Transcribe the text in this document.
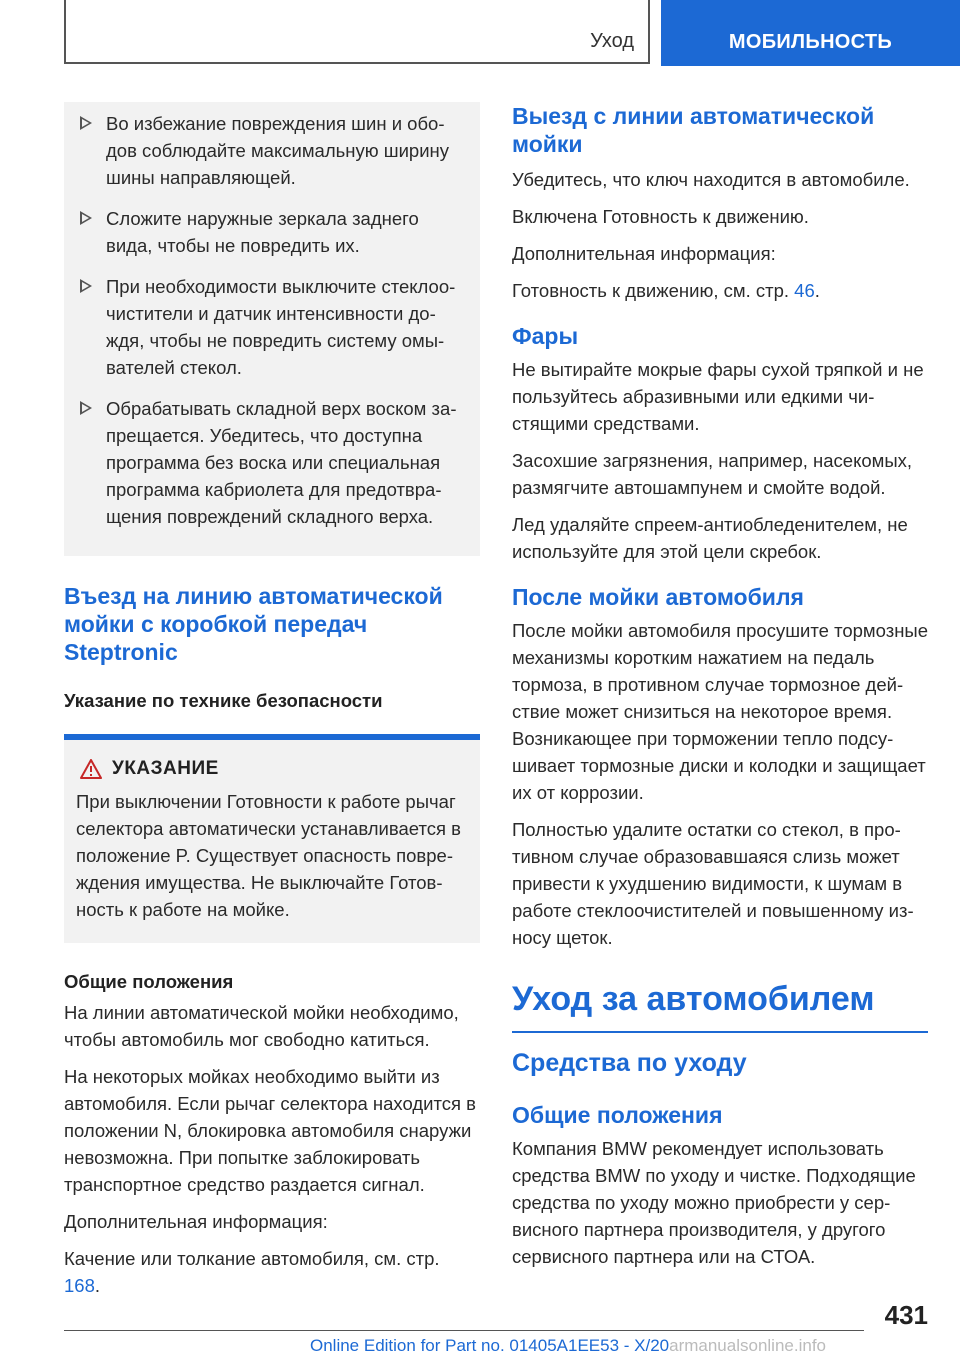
Уход	МОБИЛЬНОСТЬ
Во избежание повреждения шин и ободов соблюдайте максимальную ширину шины направляющей.
Сложите наружные зеркала заднего вида, чтобы не повредить их.
При необходимости выключите стеклоочистители и датчик интенсивности дождя, чтобы не повредить систему омывателей стекол.
Обрабатывать складной верх воском запрещается. Убедитесь, что доступна программа без воска или специальная программа кабриолета для предотвращения повреждений складного верха.
Въезд на линию автоматической мойки с коробкой передач Steptronic
Указание по технике безопасности
УКАЗАНИЕ
При выключении Готовности к работе рычаг селектора автоматически устанавливается в положение P. Существует опасность повреждения имущества. Не выключайте Готовность к работе на мойке.
Общие положения
На линии автоматической мойки необходимо, чтобы автомобиль мог свободно катиться.
На некоторых мойках необходимо выйти из автомобиля. Если рычаг селектора находится в положении N, блокировка автомобиля снаружи невозможна. При попытке заблокировать транспортное средство раздается сигнал.
Дополнительная информация:
Качение или толкание автомобиля, см. стр. 168.
Выезд с линии автоматической мойки
Убедитесь, что ключ находится в автомобиле.
Включена Готовность к движению.
Дополнительная информация:
Готовность к движению, см. стр. 46.
Фары
Не вытирайте мокрые фары сухой тряпкой и не пользуйтесь абразивными или едкими чистящими средствами.
Засохшие загрязнения, например, насекомых, размягчите автошампунем и смойте водой.
Лед удаляйте спреем-антиобледенителем, не используйте для этой цели скребок.
После мойки автомобиля
После мойки автомобиля просушите тормозные механизмы коротким нажатием на педаль тормоза, в противном случае тормозное действие может снизиться на некоторое время. Возникающее при торможении тепло подсушивает тормозные диски и колодки и защищает их от коррозии.
Полностью удалите остатки со стекол, в противном случае образовавшаяся слизь может привести к ухудшению видимости, к шумам в работе стеклоочистителей и повышенному износу щеток.
Уход за автомобилем
Средства по уходу
Общие положения
Компания BMW рекомендует использовать средства BMW по уходу и чистке. Подходящие средства по уходу можно приобрести у сервисного партнера производителя, у другого сервисного партнера или на СТОА.
431
Online Edition for Part no. 01405A1EE53 - X/20armanualsonline.info
